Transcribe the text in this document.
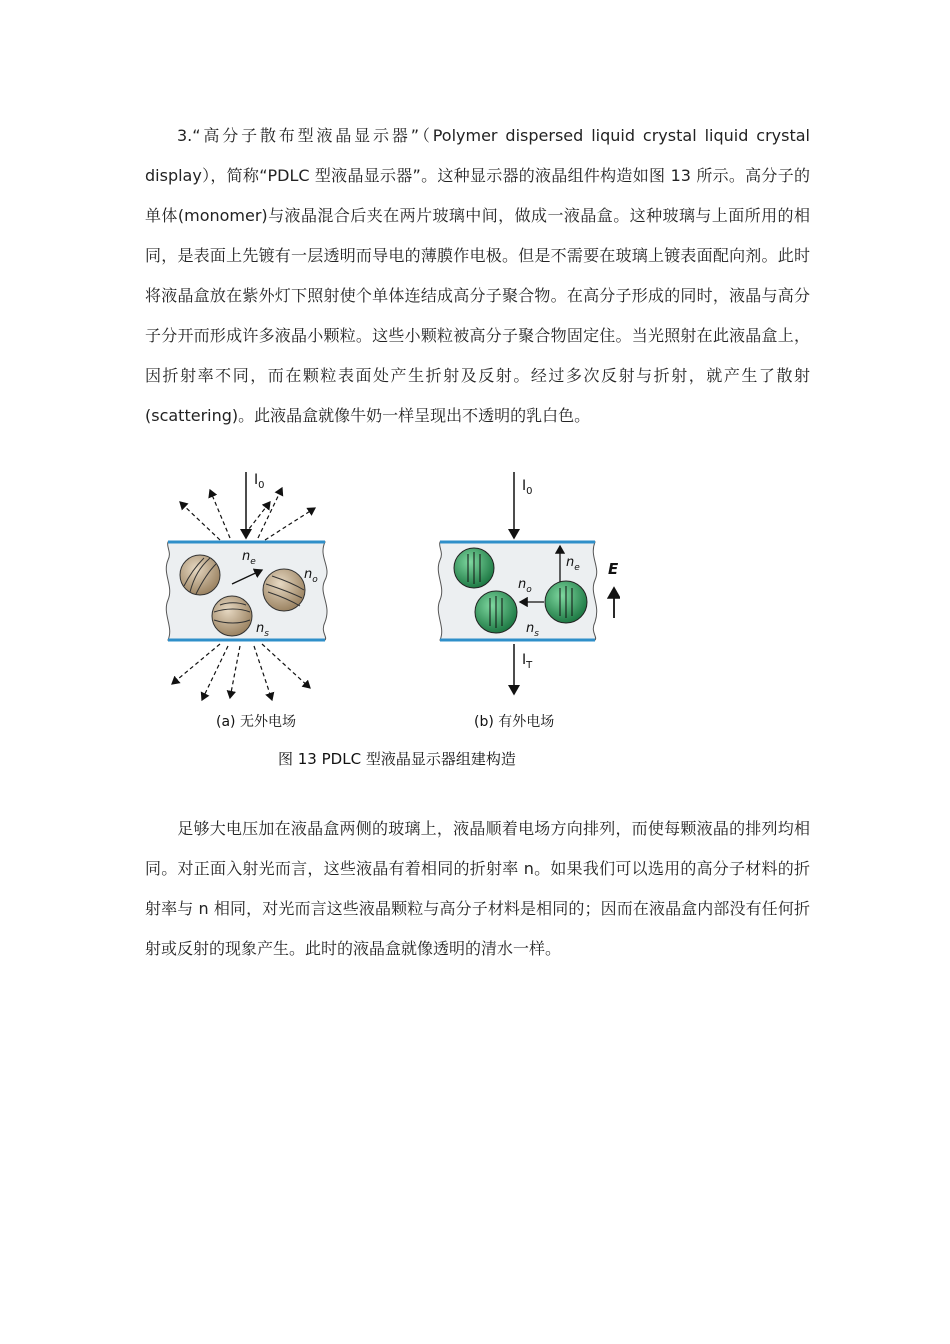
3.“高分子散布型液晶显示器”（Polymer dispersed liquid crystal liquid crystal display），简称“PDLC 型液晶显示器”。这种显示器的液晶组件构造如图 13 所示。高分子的单体(monomer)与液晶混合后夹在两片玻璃中间，做成一液晶盒。这种玻璃与上面所用的相同，是表面上先镀有一层透明而导电的薄膜作电极。但是不需要在玻璃上镀表面配向剂。此时将液晶盒放在紫外灯下照射使个单体连结成高分子聚合物。在高分子形成的同时，液晶与高分子分开而形成许多液晶小颗粒。这些小颗粒被高分子聚合物固定住。当光照射在此液晶盒上，因折射率不同，而在颗粒表面处产生折射及反射。经过多次反射与折射，就产生了散射(scattering)。此液晶盒就像牛奶一样呈现出不透明的乳白色。

$I_0$
$n_e$
$n_o$
$n_s$
(a) 无外电场
$I_0$
$I_T$
$n_e$
$n_o$
$n_s$
E
(b) 有外电场
图 13 PDLC 型液晶显示器组建构造

足够大电压加在液晶盒两侧的玻璃上，液晶顺着电场方向排列，而使每颗液晶的排列均相同。对正面入射光而言，这些液晶有着相同的折射率 n。如果我们可以选用的高分子材料的折射率与 n 相同，对光而言这些液晶颗粒与高分子材料是相同的；因而在液晶盒内部没有任何折射或反射的现象产生。此时的液晶盒就像透明的清水一样。
